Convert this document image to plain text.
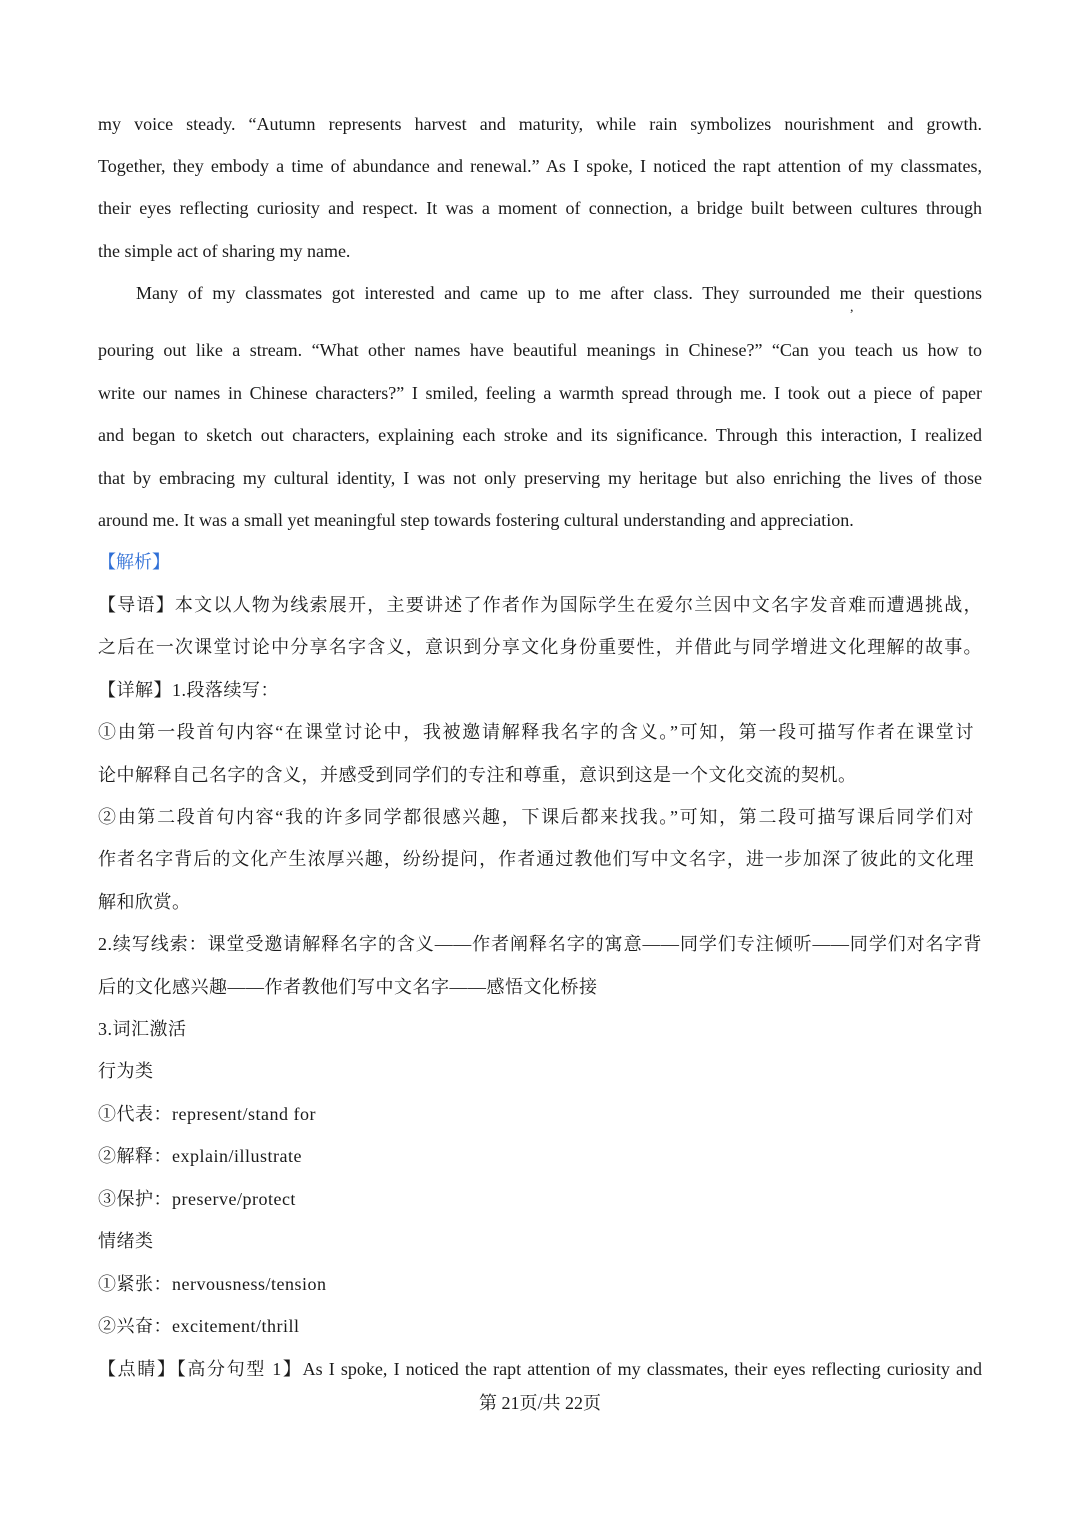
my voice steady. “Autumn represents harvest and maturity, while rain symbolizes nourishment and growth.
Together, they embody a time of abundance and renewal.” As I spoke, I noticed the rapt attention of my classmates,
their eyes reflecting curiosity and respect. It was a moment of connection, a bridge built between cultures through
the simple act of sharing my name.
Many of my classmates got interested and came up to me after class. They surrounded me their questions
,
pouring out like a stream. “What other names have beautiful meanings in Chinese?” “Can you teach us how to
write our names in Chinese characters?” I smiled, feeling a warmth spread through me. I took out a piece of paper
and began to sketch out characters, explaining each stroke and its significance. Through this interaction, I realized
that by embracing my cultural identity, I was not only preserving my heritage but also enriching the lives of those
around me. It was a small yet meaningful step towards fostering cultural understanding and appreciation.
【解析】
【导语】本文以人物为线索展开，主要讲述了作者作为国际学生在爱尔兰因中文名字发音难而遭遇挑战，
之后在一次课堂讨论中分享名字含义，意识到分享文化身份重要性，并借此与同学增进文化理解的故事。
【详解】1.段落续写：
①由第一段首句内容“在课堂讨论中，我被邀请解释我名字的含义。”可知，第一段可描写作者在课堂讨
论中解释自己名字的含义，并感受到同学们的专注和尊重，意识到这是一个文化交流的契机。
②由第二段首句内容“我的许多同学都很感兴趣，下课后都来找我。”可知，第二段可描写课后同学们对
作者名字背后的文化产生浓厚兴趣，纷纷提问，作者通过教他们写中文名字，进一步加深了彼此的文化理
解和欣赏。
2.续写线索：课堂受邀请解释名字的含义——作者阐释名字的寓意——同学们专注倾听——同学们对名字背
后的文化感兴趣——作者教他们写中文名字——感悟文化桥接
3.词汇激活
行为类
①代表：represent/stand for
②解释：explain/illustrate
③保护：preserve/protect
情绪类
①紧张：nervousness/tension
②兴奋：excitement/thrill
【点睛】【高分句型 1】As I spoke, I noticed the rapt attention of my classmates, their eyes reflecting curiosity and
第 21页/共 22页
